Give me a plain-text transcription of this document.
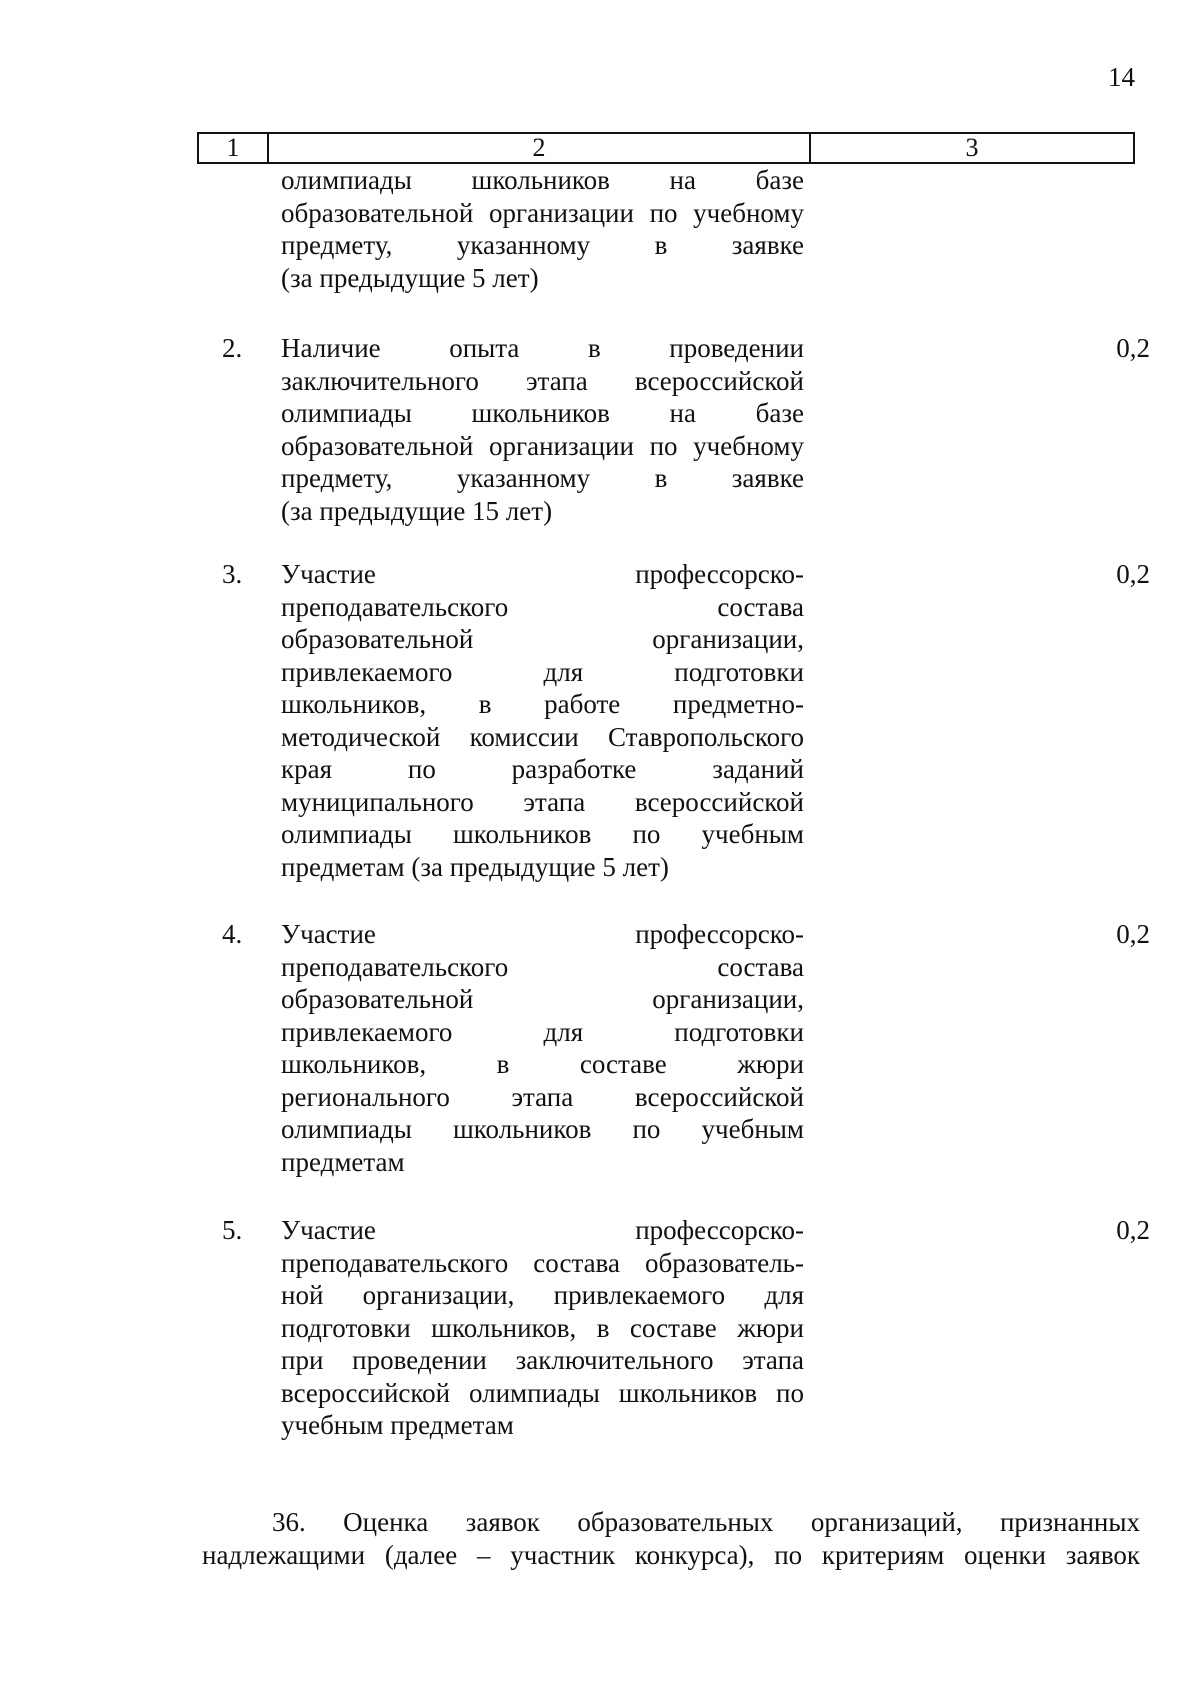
14
1	2	3
олимпиады школьников на базе
образовательной организации по учебному
предмету, указанному в заявке
(за предыдущие 5 лет)
2.	Наличие опыта в проведении
заключительного этапа всероссийской
олимпиады школьников на базе
образовательной организации по учебному
предмету, указанному в заявке
(за предыдущие 15 лет)
0,2
3.	Участие профессорско-
преподавательского состава
образовательной организации,
привлекаемого для подготовки
школьников, в работе предметно-
методической комиссии Ставропольского
края по разработке заданий
муниципального этапа всероссийской
олимпиады школьников по учебным
предметам (за предыдущие 5 лет)
0,2
4.	Участие профессорско-
преподавательского состава
образовательной организации,
привлекаемого для подготовки
школьников, в составе жюри
регионального этапа всероссийской
олимпиады школьников по учебным
предметам
0,2
5.	Участие профессорско-
преподавательского состава образователь-
ной организации, привлекаемого для
подготовки школьников, в составе жюри
при проведении заключительного этапа
всероссийской олимпиады школьников по
учебным предметам
0,2
36. Оценка заявок образовательных организаций, признанных
надлежащими (далее – участник конкурса), по критериям оценки заявок
